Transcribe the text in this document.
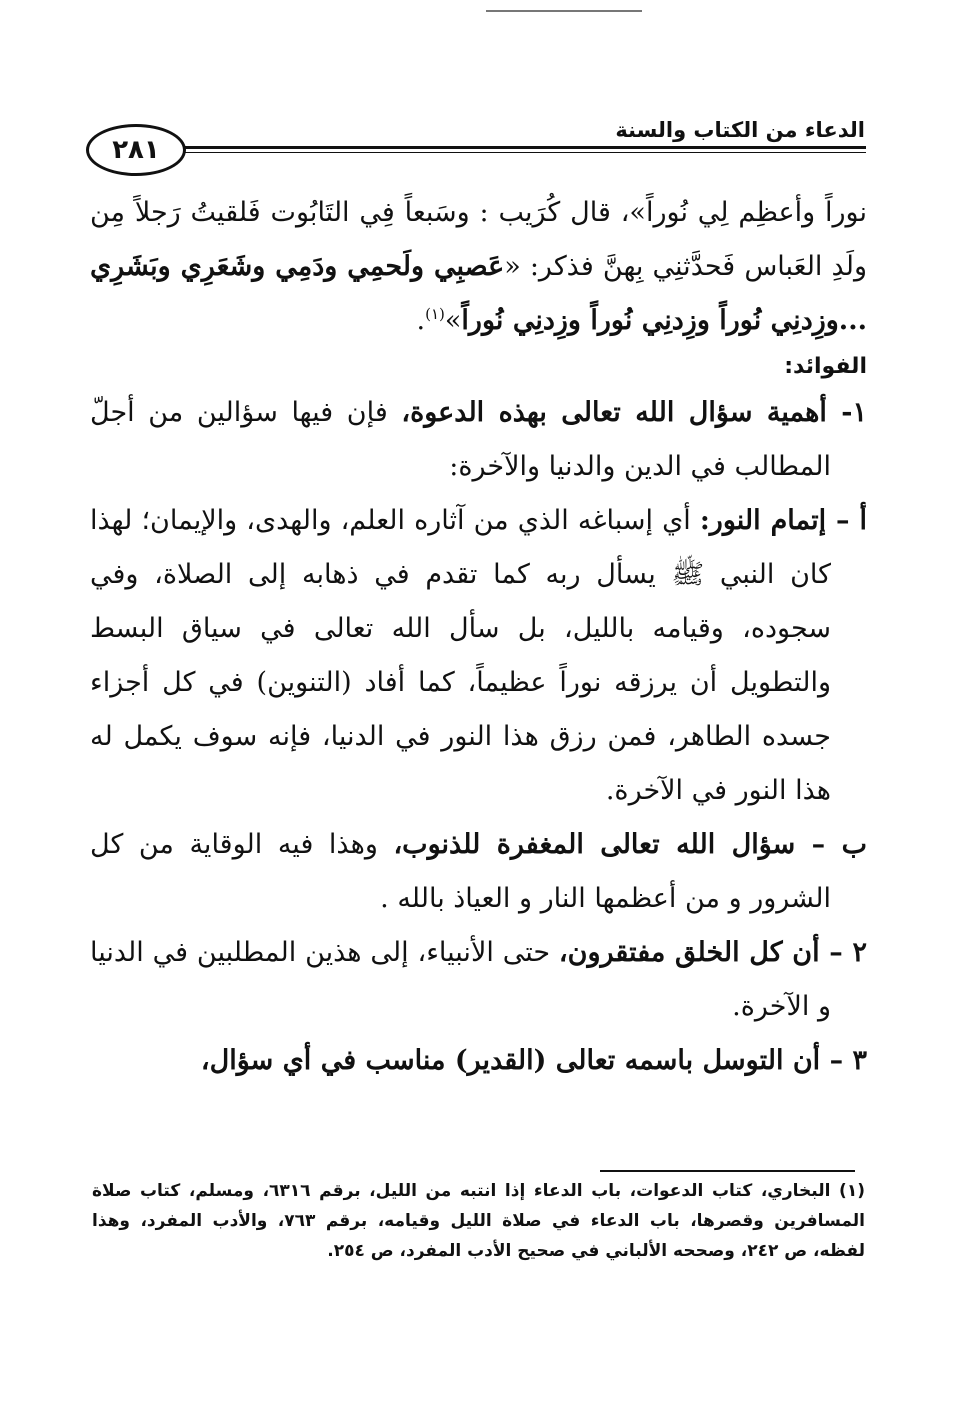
الدعاء من الكتاب والسنة
٢٨١

نوراً وأعظِم لِي نُوراً»، قال كُرَيب : وسَبعاً فِي التَابُوت فَلقيتُ رَجلاً مِن ولَدِ العَباس فَحدَّثنِي بِهنَّ فذكر: «عَصبِي ولَحمِي ودَمِي وشَعَرِي وبَشَرِي ...وزِدنِي نُوراً وزِدنِي نُوراً وزِدنِي نُوراً»$^{(١)}$.

الفوائد:

١- أهمية سؤال الله تعالى بهذه الدعوة، فإن فيها سؤالين من أجلّ المطالب في الدين والدنيا والآخرة:

أ – إتمام النور: أي إسباغه الذي من آثاره العلم، والهدى، والإيمان؛ لهذا كان النبي ﷺ يسأل ربه كما تقدم في ذهابه إلى الصلاة، وفي سجوده، وقيامه بالليل، بل سأل الله تعالى في سياق البسط والتطويل أن يرزقه نوراً عظيماً، كما أفاد (التنوين) في كل أجزاء جسده الطاهر، فمن رزق هذا النور في الدنيا، فإنه سوف يكمل له هذا النور في الآخرة.

ب – سؤال الله تعالى المغفرة للذنوب، وهذا فيه الوقاية من كل الشرور و من أعظمها النار و العياذ بالله .

٢ – أن كل الخلق مفتقرون، حتى الأنبياء، إلى هذين المطلبين في الدنيا و الآخرة.

٣ – أن التوسل باسمه تعالى (القدير) مناسب في أي سؤال،

(١) البخاري، كتاب الدعوات، باب الدعاء إذا انتبه من الليل، برقم ٦٣١٦، ومسلم، كتاب صلاة المسافرين وقصرها، باب الدعاء في صلاة الليل وقيامه، برقم ٧٦٣، والأدب المفرد، وهذا لفظه، ص ٢٤٢، وصححه الألباني في صحيح الأدب المفرد، ص ٢٥٤.
